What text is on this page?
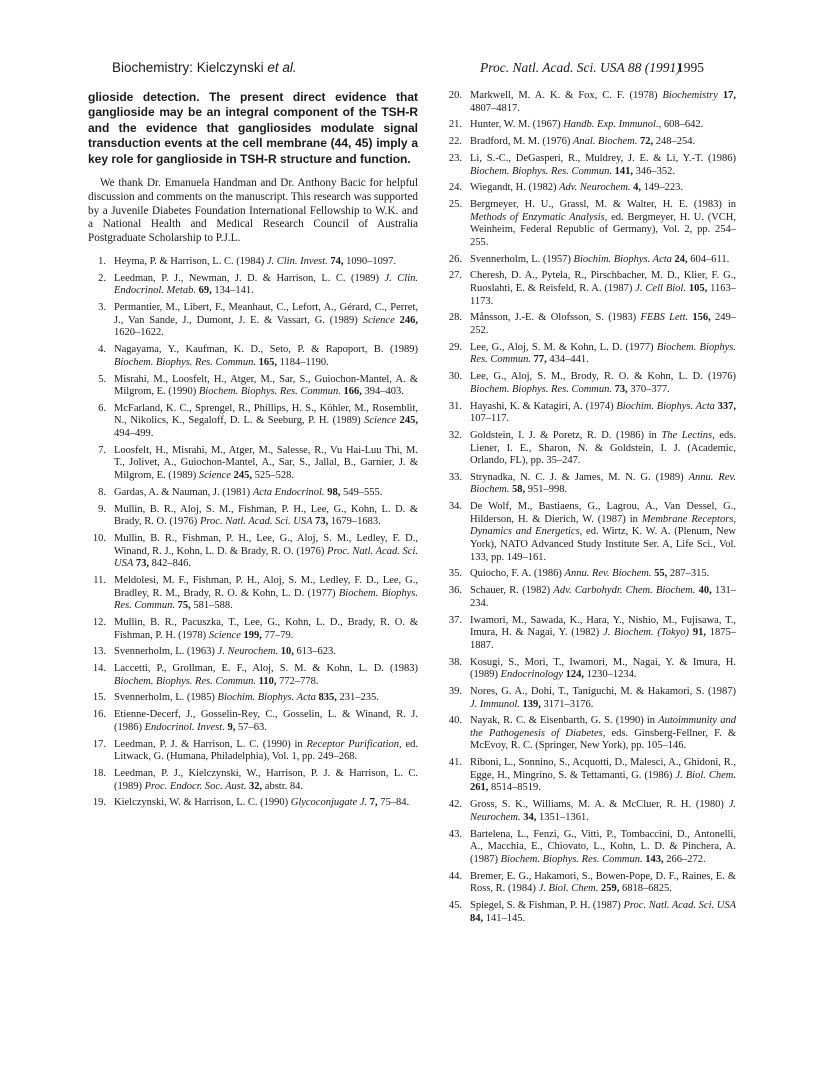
Biochemistry: Kielczynski et al.	Proc. Natl. Acad. Sci. USA 88 (1991)
1995

glioside detection. The present direct evidence that ganglioside may be an integral component of the TSH-R and the evidence that gangliosides modulate signal transduction events at the cell membrane (44, 45) imply a key role for ganglioside in TSH-R structure and function.

We thank Dr. Emanuela Handman and Dr. Anthony Bacic for helpful discussion and comments on the manuscript. This research was supported by a Juvenile Diabetes Foundation International Fellowship to W.K. and a National Health and Medical Research Council of Australia Postgraduate Scholarship to P.J.L.

1. Heyma, P. & Harrison, L. C. (1984) J. Clin. Invest. 74, 1090–1097.
2. Leedman, P. J., Newman, J. D. & Harrison, L. C. (1989) J. Clin. Endocrinol. Metab. 69, 134–141.
3. Permantier, M., Libert, F., Meanhaut, C., Lefort, A., Gérard, C., Perret, J., Van Sande, J., Dumont, J. E. & Vassart, G. (1989) Science 246, 1620–1622.
4. Nagayama, Y., Kaufman, K. D., Seto, P. & Rapoport, B. (1989) Biochem. Biophys. Res. Commun. 165, 1184–1190.
5. Misrahi, M., Loosfelt, H., Atger, M., Sar, S., Guiochon-Mantel, A. & Milgrom, E. (1990) Biochem. Biophys. Res. Commun. 166, 394–403.
6. McFarland, K. C., Sprengel, R., Phillips, H. S., Köhler, M., Rosemblit, N., Nikolics, K., Segaloff, D. L. & Seeburg, P. H. (1989) Science 245, 494–499.
7. Loosfelt, H., Misrahi, M., Atger, M., Salesse, R., Vu Hai-Luu Thi, M. T., Jolivet, A., Guiochon-Mantel, A., Sar, S., Jallal, B., Garnier, J. & Milgrom, E. (1989) Science 245, 525–528.
8. Gardas, A. & Nauman, J. (1981) Acta Endocrinol. 98, 549–555.
9. Mullin, B. R., Aloj, S. M., Fishman, P. H., Lee, G., Kohn, L. D. & Brady, R. O. (1976) Proc. Natl. Acad. Sci. USA 73, 1679–1683.
10. Mullin, B. R., Fishman, P. H., Lee, G., Aloj, S. M., Ledley, F. D., Winand, R. J., Kohn, L. D. & Brady, R. O. (1976) Proc. Natl. Acad. Sci. USA 73, 842–846.
11. Meldolesi, M. F., Fishman, P. H., Aloj, S. M., Ledley, F. D., Lee, G., Bradley, R. M., Brady, R. O. & Kohn, L. D. (1977) Biochem. Biophys. Res. Commun. 75, 581–588.
12. Mullin, B. R., Pacuszka, T., Lee, G., Kohn, L. D., Brady, R. O. & Fishman, P. H. (1978) Science 199, 77–79.
13. Svennerholm, L. (1963) J. Neurochem. 10, 613–623.
14. Laccetti, P., Grollman, E. F., Aloj, S. M. & Kohn, L. D. (1983) Biochem. Biophys. Res. Commun. 110, 772–778.
15. Svennerholm, L. (1985) Biochim. Biophys. Acta 835, 231–235.
16. Etienne-Decerf, J., Gosselin-Rey, C., Gosselin, L. & Winand, R. J. (1986) Endocrinol. Invest. 9, 57–63.
17. Leedman, P. J. & Harrison, L. C. (1990) in Receptor Purification, ed. Litwack, G. (Humana, Philadelphia), Vol. 1, pp. 249–268.
18. Leedman, P. J., Kielczynski, W., Harrison, P. J. & Harrison, L. C. (1989) Proc. Endocr. Soc. Aust. 32, abstr. 84.
19. Kielczynski, W. & Harrison, L. C. (1990) Glycoconjugate J. 7, 75–84.
20. Markwell, M. A. K. & Fox, C. F. (1978) Biochemistry 17, 4807–4817.
21. Hunter, W. M. (1967) Handb. Exp. Immunol., 608–642.
22. Bradford, M. M. (1976) Anal. Biochem. 72, 248–254.
23. Li, S.-C., DeGasperi, R., Muldrey, J. E. & Li, Y.-T. (1986) Biochem. Biophys. Res. Commun. 141, 346–352.
24. Wiegandt, H. (1982) Adv. Neurochem. 4, 149–223.
25. Bergmeyer, H. U., Grassl, M. & Walter, H. E. (1983) in Methods of Enzymatic Analysis, ed. Bergmeyer, H. U. (VCH, Weinheim, Federal Republic of Germany), Vol. 2, pp. 254–255.
26. Svennerholm, L. (1957) Biochim. Biophys. Acta 24, 604–611.
27. Cheresh, D. A., Pytela, R., Pirschbacher, M. D., Klier, F. G., Ruoslahti, E. & Reisfeld, R. A. (1987) J. Cell Biol. 105, 1163–1173.
28. Månsson, J.-E. & Olofsson, S. (1983) FEBS Lett. 156, 249–252.
29. Lee, G., Aloj, S. M. & Kohn, L. D. (1977) Biochem. Biophys. Res. Commun. 77, 434–441.
30. Lee, G., Aloj, S. M., Brody, R. O. & Kohn, L. D. (1976) Biochem. Biophys. Res. Commun. 73, 370–377.
31. Hayashi, K. & Katagiri, A. (1974) Biochim. Biophys. Acta 337, 107–117.
32. Goldstein, I. J. & Poretz, R. D. (1986) in The Lectins, eds. Liener, I. E., Sharon, N. & Goldstein, I. J. (Academic, Orlando, FL), pp. 35–247.
33. Strynadka, N. C. J. & James, M. N. G. (1989) Annu. Rev. Biochem. 58, 951–998.
34. De Wolf, M., Bastiaens, G., Lagrou, A., Van Dessel, G., Hilderson, H. & Dierich, W. (1987) in Membrane Receptors, Dynamics and Energetics, ed. Wirtz, K. W. A. (Plenum, New York), NATO Advanced Study Institute Ser. A, Life Sci., Vol. 133, pp. 149–161.
35. Quiocho, F. A. (1986) Annu. Rev. Biochem. 55, 287–315.
36. Schauer, R. (1982) Adv. Carbohydr. Chem. Biochem. 40, 131–234.
37. Iwamori, M., Sawada, K., Hara, Y., Nishio, M., Fujisawa, T., Imura, H. & Nagai, Y. (1982) J. Biochem. (Tokyo) 91, 1875–1887.
38. Kosugi, S., Mori, T., Iwamori, M., Nagai, Y. & Imura, H. (1989) Endocrinology 124, 1230–1234.
39. Nores, G. A., Dohi, T., Taniguchi, M. & Hakamori, S. (1987) J. Immunol. 139, 3171–3176.
40. Nayak, R. C. & Eisenbarth, G. S. (1990) in Autoimmunity and the Pathogenesis of Diabetes, eds. Ginsberg-Fellner, F. & McEvoy, R. C. (Springer, New York), pp. 105–146.
41. Riboni, L., Sonnino, S., Acquotti, D., Malesci, A., Ghidoni, R., Egge, H., Mingrino, S. & Tettamanti, G. (1986) J. Biol. Chem. 261, 8514–8519.
42. Gross, S. K., Williams, M. A. & McCluer, R. H. (1980) J. Neurochem. 34, 1351–1361.
43. Bartelena, L., Fenzi, G., Vitti, P., Tombaccini, D., Antonelli, A., Macchia, E., Chiovato, L., Kohn, L. D. & Pinchera, A. (1987) Biochem. Biophys. Res. Commun. 143, 266–272.
44. Bremer, E. G., Hakamori, S., Bowen-Pope, D. F., Raines, E. & Ross, R. (1984) J. Biol. Chem. 259, 6818–6825.
45. Spiegel, S. & Fishman, P. H. (1987) Proc. Natl. Acad. Sci. USA 84, 141–145.
